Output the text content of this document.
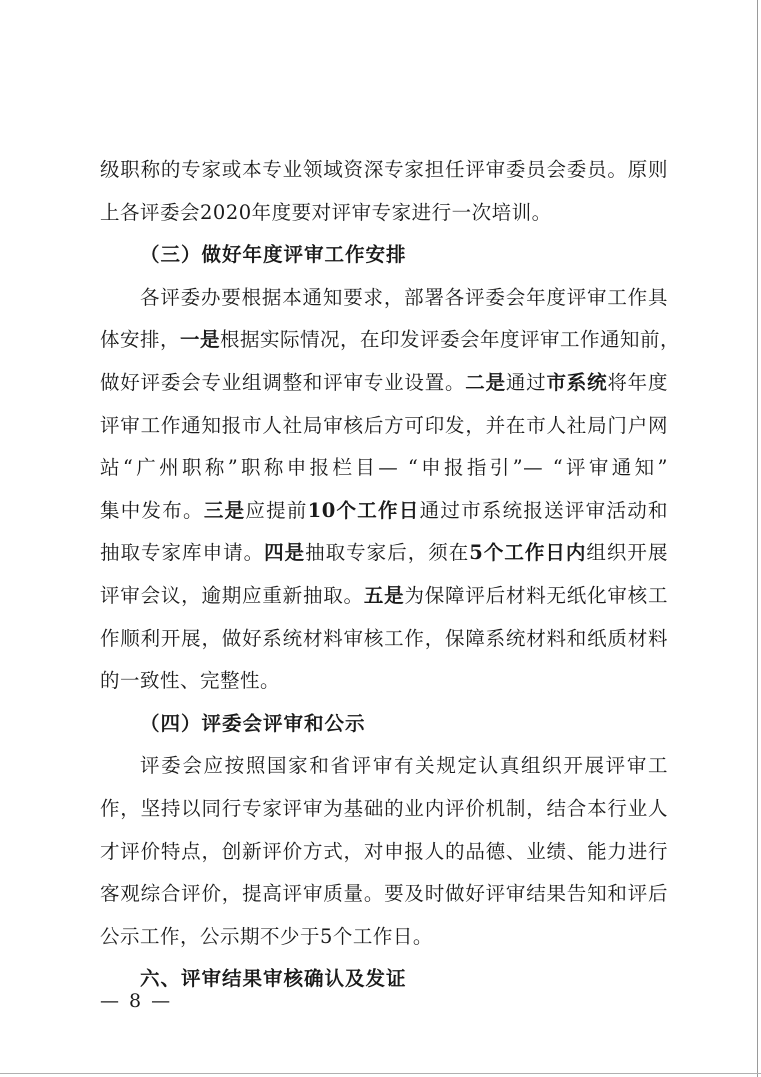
级职称的专家或本专业领域资深专家担任评审委员会委员。原则
上各评委会2020年度要对评审专家进行一次培训。
（三）做好年度评审工作安排
各评委办要根据本通知要求，部署各评委会年度评审工作具
体安排，一是根据实际情况，在印发评委会年度评审工作通知前，
做好评委会专业组调整和评审专业设置。二是通过市系统将年度
评审工作通知报市人社局审核后方可印发，并在市人社局门户网
站“广州职称”职称申报栏目— “申报指引”— “评审通知”
集中发布。三是应提前10个工作日通过市系统报送评审活动和
抽取专家库申请。四是抽取专家后，须在5个工作日内组织开展
评审会议，逾期应重新抽取。五是为保障评后材料无纸化审核工
作顺利开展，做好系统材料审核工作，保障系统材料和纸质材料
的一致性、完整性。
（四）评委会评审和公示
评委会应按照国家和省评审有关规定认真组织开展评审工
作，坚持以同行专家评审为基础的业内评价机制，结合本行业人
才评价特点，创新评价方式，对申报人的品德、业绩、能力进行
客观综合评价，提高评审质量。要及时做好评审结果告知和评后
公示工作，公示期不少于5个工作日。
六、评审结果审核确认及发证
— 8 —
